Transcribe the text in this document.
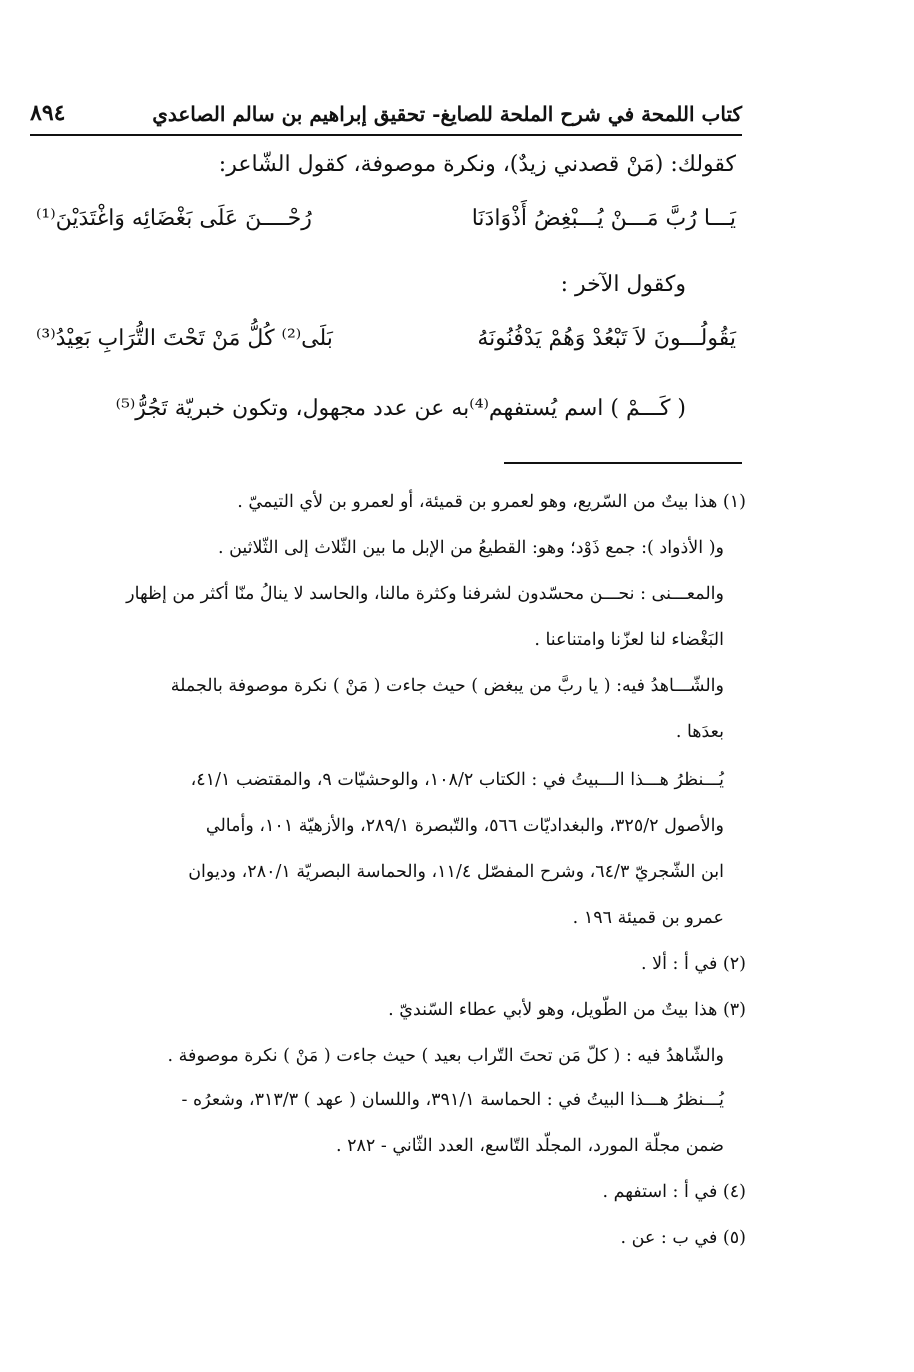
كتاب اللمحة في شرح الملحة للصايغ- تحقيق إبراهيم بن سالم الصاعدي
٨٩٤
كقولك: (مَنْ قصدني زيدٌ)، ونكرة موصوفة، كقول الشّاعر:
يَـــا رُبَّ مَـــنْ يُـــبْغِضُ أَذْوَادَنَا
رُحْــــنَ عَلَى بَغْضَائِه وَاغْتَدَيْنَ⁽¹⁾
وكقول الآخر :
يَقُولُـــونَ لاَ تَبْعُدْ وَهُمْ يَدْفُنُونَهُ
بَلَى⁽²⁾ كُلُّ مَنْ تَحْتَ التُّرَابِ بَعِيْدُ⁽³⁾
( كَـــمْ ) اسم يُستفهم⁽⁴⁾به عن عدد مجهول، وتكون خبريّة تَجُرُّ⁽⁵⁾
(١) هذا بيتٌ من السّريع، وهو لعمرو بن قميئة، أو لعمرو بن لأي التيميّ .
و( الأذواد ): جمع ذَوْد؛ وهو: القطيعُ من الإبل ما بين الثّلاث إلى الثّلاثين .
والمعـــنى : نحـــن محسّدون لشرفنا وكثرة مالنا، والحاسد لا ينالُ منّا أكثر من إظهار
البَغْضاء لنا لعزّنا وامتناعنا .
والشّـــاهدُ فيه: ( يا ربَّ من يبغض ) حيث جاءت ( مَنْ ) نكرة موصوفة بالجملة
بعدَها .
يُـــنظرُ هـــذا الـــبيتُ في : الكتاب ١٠٨/٢، والوحشيّات ٩، والمقتضب ٤١/١،
والأصول ٣٢٥/٢، والبغداديّات ٥٦٦، والتّبصرة ٢٨٩/١، والأزهيّة ١٠١، وأمالي
ابن الشّجريّ ٦٤/٣، وشرح المفصّل ١١/٤، والحماسة البصريّة ٢٨٠/١، وديوان
عمرو بن قميئة ١٩٦ .
(٢) في أ : ألا .
(٣) هذا بيتٌ من الطّويل، وهو لأبي عطاء السّنديّ .
والشّاهدُ فيه : ( كلّ مَن تحتَ التّراب بعيد ) حيث جاءت ( مَنْ ) نكرة موصوفة .
يُـــنظرُ هـــذا البيتُ في : الحماسة ٣٩١/١، واللسان ( عهد ) ٣١٣/٣، وشعرُه -
ضمن مجلّة المورد، المجلّد التّاسع، العدد الثّاني - ٢٨٢ .
(٤) في أ : استفهم .
(٥) في ب : عن .
